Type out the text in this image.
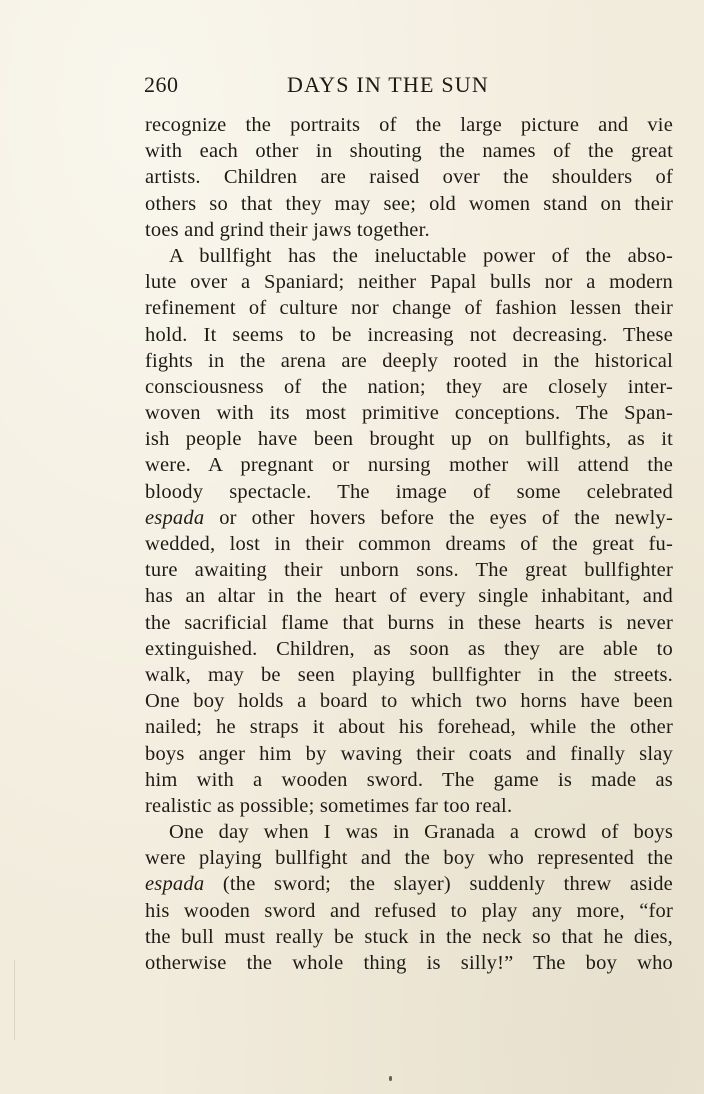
260	DAYS IN THE SUN
recognize the portraits of the large picture and vie
with each other in shouting the names of the great
artists. Children are raised over the shoulders of
others so that they may see; old women stand on their
toes and grind their jaws together.
A bullfight has the ineluctable power of the abso-
lute over a Spaniard; neither Papal bulls nor a modern
refinement of culture nor change of fashion lessen their
hold. It seems to be increasing not decreasing. These
fights in the arena are deeply rooted in the historical
consciousness of the nation; they are closely inter-
woven with its most primitive conceptions. The Span-
ish people have been brought up on bullfights, as it
were. A pregnant or nursing mother will attend the
bloody spectacle. The image of some celebrated
espada or other hovers before the eyes of the newly-
wedded, lost in their common dreams of the great fu-
ture awaiting their unborn sons. The great bullfighter
has an altar in the heart of every single inhabitant, and
the sacrificial flame that burns in these hearts is never
extinguished. Children, as soon as they are able to
walk, may be seen playing bullfighter in the streets.
One boy holds a board to which two horns have been
nailed; he straps it about his forehead, while the other
boys anger him by waving their coats and finally slay
him with a wooden sword. The game is made as
realistic as possible; sometimes far too real.
One day when I was in Granada a crowd of boys
were playing bullfight and the boy who represented the
espada (the sword; the slayer) suddenly threw aside
his wooden sword and refused to play any more, “for
the bull must really be stuck in the neck so that he dies,
otherwise the whole thing is silly!” The boy who
